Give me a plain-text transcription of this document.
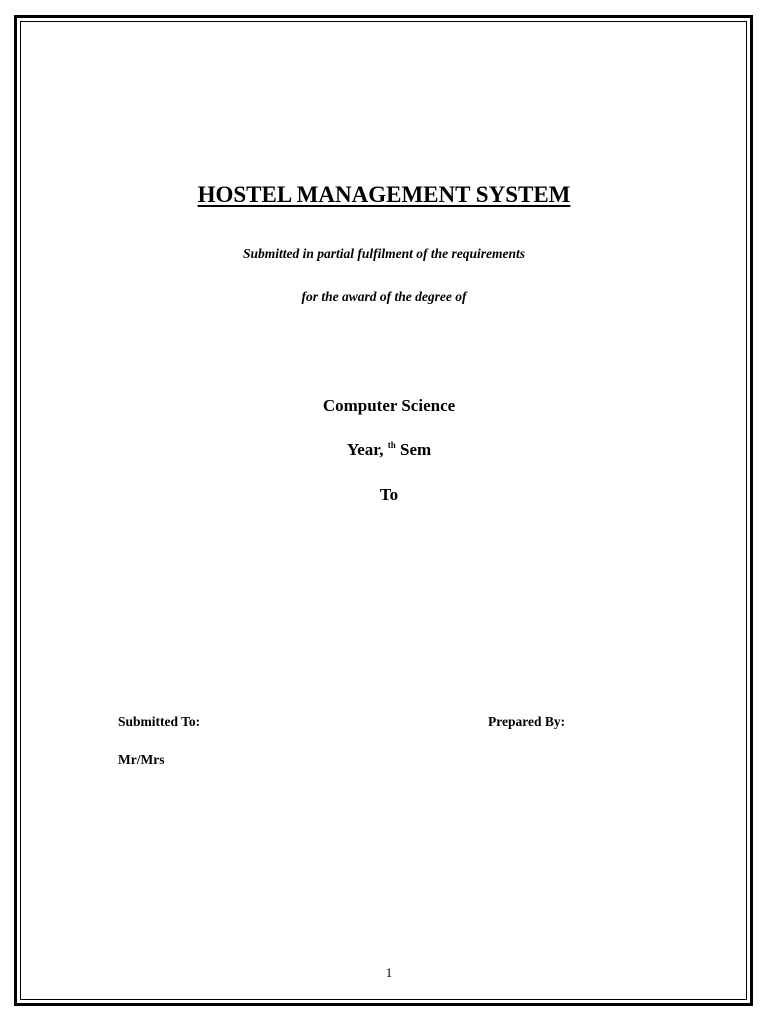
HOSTEL MANAGEMENT SYSTEM
Submitted in partial fulfilment of the requirements
for the award of the degree of
Computer Science
Year, $^{th}$ Sem
To
Submitted To:	Prepared By:
Mr/Mrs
1
